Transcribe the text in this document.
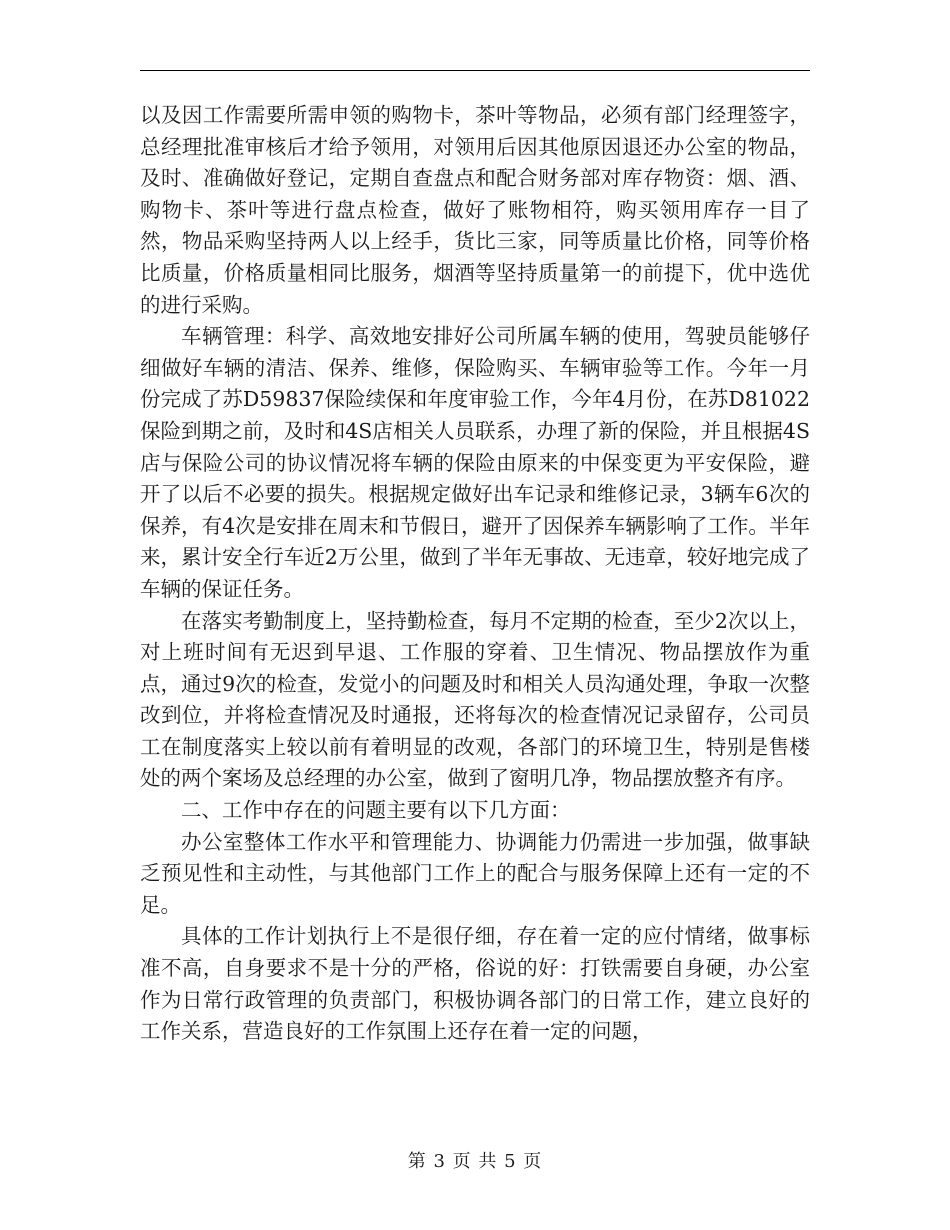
以及因工作需要所需申领的购物卡，茶叶等物品，必须有部门经理签字，总经理批准审核后才给予领用，对领用后因其他原因退还办公室的物品，及时、准确做好登记，定期自查盘点和配合财务部对库存物资：烟、酒、购物卡、茶叶等进行盘点检查，做好了账物相符，购买领用库存一目了然，物品采购坚持两人以上经手，货比三家，同等质量比价格，同等价格比质量，价格质量相同比服务，烟酒等坚持质量第一的前提下，优中选优的进行采购。

车辆管理：科学、高效地安排好公司所属车辆的使用，驾驶员能够仔细做好车辆的清洁、保养、维修，保险购买、车辆审验等工作。今年一月份完成了苏D59837保险续保和年度审验工作，今年4月份，在苏D81022保险到期之前，及时和4S店相关人员联系，办理了新的保险，并且根据4S店与保险公司的协议情况将车辆的保险由原来的中保变更为平安保险，避开了以后不必要的损失。根据规定做好出车记录和维修记录，3辆车6次的保养，有4次是安排在周末和节假日，避开了因保养车辆影响了工作。半年来，累计安全行车近2万公里，做到了半年无事故、无违章，较好地完成了车辆的保证任务。

在落实考勤制度上，坚持勤检查，每月不定期的检查，至少2次以上，对上班时间有无迟到早退、工作服的穿着、卫生情况、物品摆放作为重点，通过9次的检查，发觉小的问题及时和相关人员沟通处理，争取一次整改到位，并将检查情况及时通报，还将每次的检查情况记录留存，公司员工在制度落实上较以前有着明显的改观，各部门的环境卫生，特别是售楼处的两个案场及总经理的办公室，做到了窗明几净，物品摆放整齐有序。

二、工作中存在的问题主要有以下几方面：

办公室整体工作水平和管理能力、协调能力仍需进一步加强，做事缺乏预见性和主动性，与其他部门工作上的配合与服务保障上还有一定的不足。

具体的工作计划执行上不是很仔细，存在着一定的应付情绪，做事标准不高，自身要求不是十分的严格，俗说的好：打铁需要自身硬，办公室作为日常行政管理的负责部门，积极协调各部门的日常工作，建立良好的工作关系，营造良好的工作氛围上还存在着一定的问题，

第 3 页 共 5 页
